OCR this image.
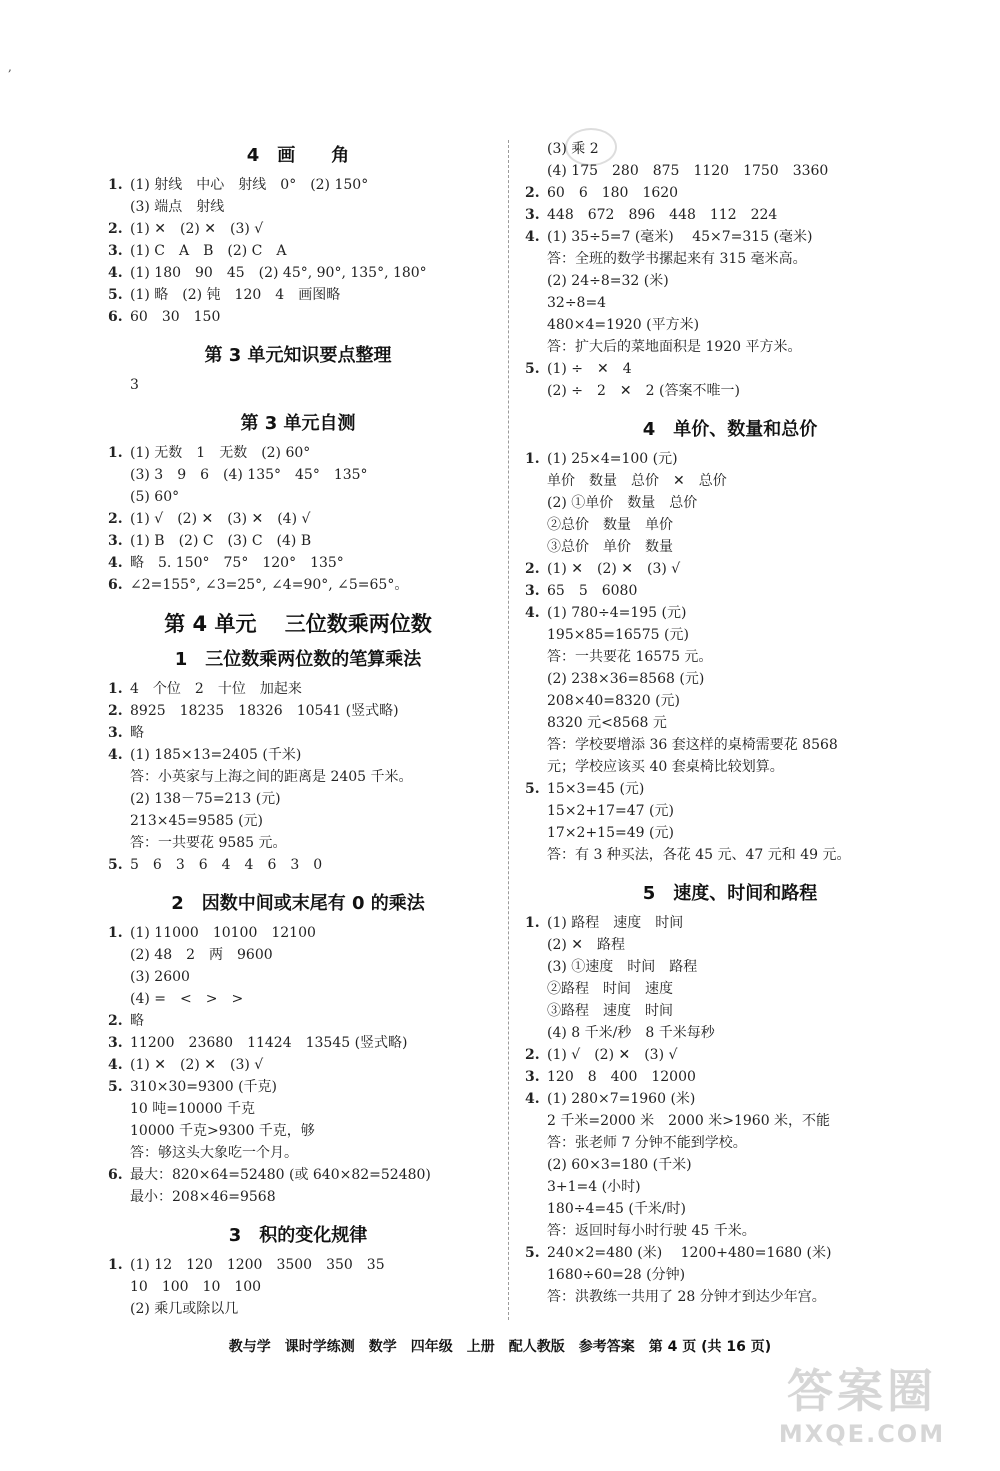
,
4　画　　角
1. (1) 射线　中心　射线　0°　(2) 150°
(3) 端点　射线
2. (1) ✕　(2) ✕　(3) √
3. (1) C　A　B　(2) C　A
4. (1) 180　90　45　(2) 45°, 90°, 135°, 180°
5. (1) 略　(2) 钝　120　4　画图略
6. 60　30　150
第 3 单元知识要点整理
3
第 3 单元自测
1. (1) 无数　1　无数　(2) 60°
(3) 3　9　6　(4) 135°　45°　135°
(5) 60°
2. (1) √　(2) ✕　(3) ✕　(4) √
3. (1) B　(2) C　(3) C　(4) B
4. 略　5. 150°　75°　120°　135°
6. ∠2=155°, ∠3=25°, ∠4=90°, ∠5=65°。
第 4 单元　 三位数乘两位数
1　三位数乘两位数的笔算乘法
1. 4　个位　2　十位　加起来
2. 8925　18235　18326　10541 (竖式略)
3. 略
4. (1) 185×13=2405 (千米)
答：小英家与上海之间的距离是 2405 千米。
(2) 138－75=213 (元)
213×45=9585 (元)
答：一共要花 9585 元。
5. 5　6　3　6　4　4　6　3　0
2　因数中间或末尾有 0 的乘法
1. (1) 11000　10100　12100
(2) 48　2　两　9600
(3) 2600
(4) =　<　>　>
2. 略
3. 11200　23680　11424　13545 (竖式略)
4. (1) ✕　(2) ✕　(3) √
5. 310×30=9300 (千克)
10 吨=10000 千克
10000 千克>9300 千克，够
答：够这头大象吃一个月。
6. 最大：820×64=52480 (或 640×82=52480)
最小：208×46=9568
3　积的变化规律
1. (1) 12　120　1200　3500　350　35
10　100　10　100
(2) 乘几或除以几
(3) 乘 2
(4) 175　280　875　1120　1750　3360
2. 60　6　180　1620
3. 448　672　896　448　112　224
4. (1) 35÷5=7 (毫米)　 45×7=315 (毫米)
答：全班的数学书摞起来有 315 毫米高。
(2) 24÷8=32 (米)
32÷8=4
480×4=1920 (平方米)
答：扩大后的菜地面积是 1920 平方米。
5. (1) ÷　✕　4
(2) ÷　2　✕　2 (答案不唯一)
4　单价、数量和总价
1. (1) 25×4=100 (元)
单价　数量　总价　✕　总价
(2) ①单价　数量　总价
②总价　数量　单价
③总价　单价　数量
2. (1) ✕　(2) ✕　(3) √
3. 65　5　6080
4. (1) 780÷4=195 (元)
195×85=16575 (元)
答：一共要花 16575 元。
(2) 238×36=8568 (元)
208×40=8320 (元)
8320 元<8568 元
答：学校要增添 36 套这样的桌椅需要花 8568
元；学校应该买 40 套桌椅比较划算。
5. 15×3=45 (元)
15×2+17=47 (元)
17×2+15=49 (元)
答：有 3 种买法，各花 45 元、47 元和 49 元。
5　速度、时间和路程
1. (1) 路程　速度　时间
(2) ✕　路程
(3) ①速度　时间　路程
②路程　时间　速度
③路程　速度　时间
(4) 8 千米/秒　8 千米每秒
2. (1) √　(2) ✕　(3) √
3. 120　8　400　12000
4. (1) 280×7=1960 (米)
2 千米=2000 米　2000 米>1960 米，不能
答：张老师 7 分钟不能到学校。
(2) 60×3=180 (千米)
3+1=4 (小时)
180÷4=45 (千米/时)
答：返回时每小时行驶 45 千米。
5. 240×2=480 (米)　 1200+480=1680 (米)
1680÷60=28 (分钟)
答：洪教练一共用了 28 分钟才到达少年宫。
教与学　课时学练测　数学　四年级　上册　配人教版　参考答案　第 4 页 (共 16 页)
答案圈
MXQE.COM
